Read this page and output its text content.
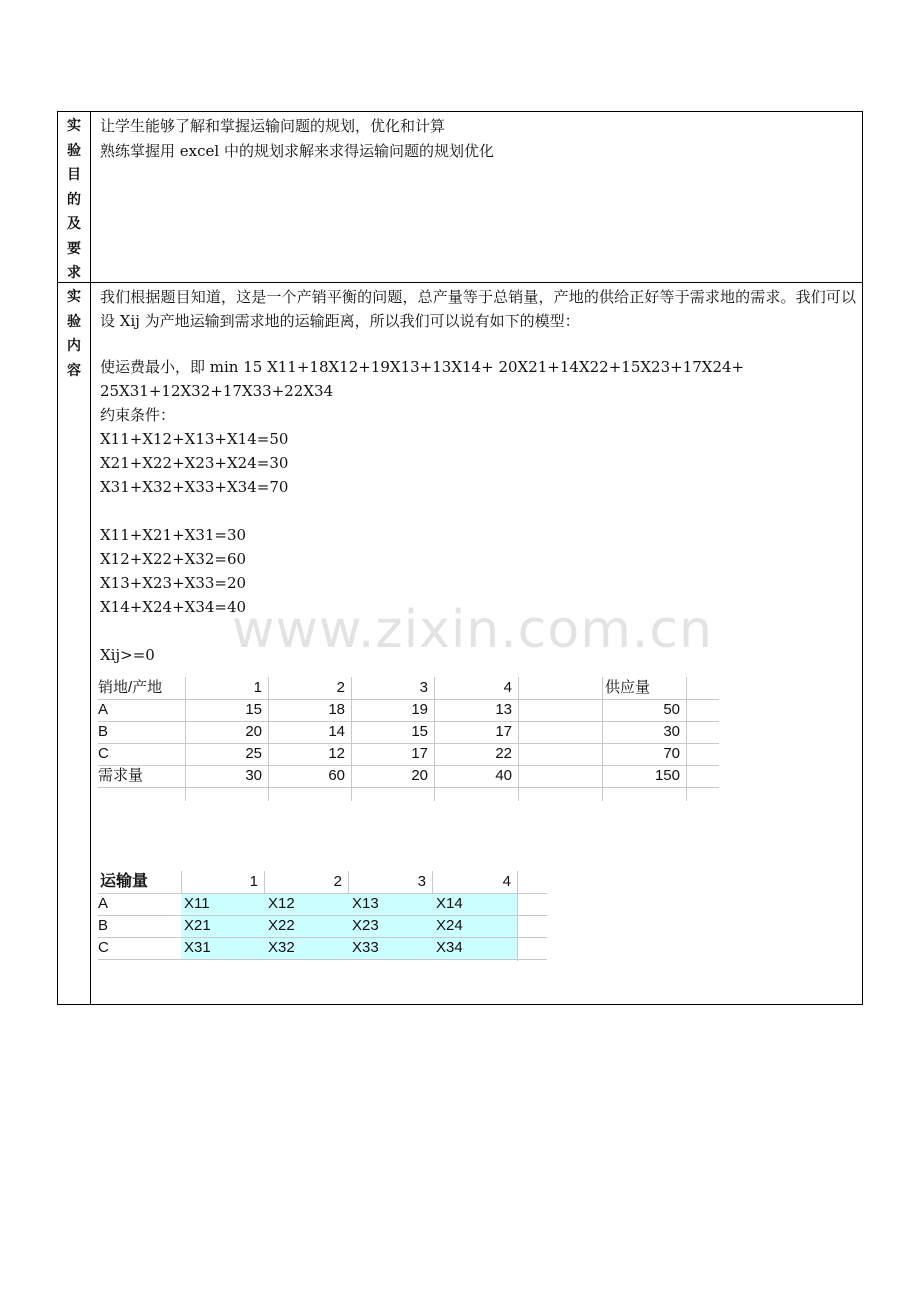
实
验
目
的
及
要
求
让学生能够了解和掌握运输问题的规划，优化和计算
熟练掌握用 excel 中的规划求解来求得运输问题的规划优化
实
验
内
容
我们根据题目知道，这是一个产销平衡的问题，总产量等于总销量，产地的供给正好等于需求地的需求。我们可以设 Xij 为产地运输到需求地的运输距离，所以我们可以说有如下的模型：
使运费最小，即 min 15 X11+18X12+19X13+13X14+ 20X21+14X22+15X23+17X24+
25X31+12X32+17X33+22X34
约束条件：
X11+X12+X13+X14=50
X21+X22+X23+X24=30
X31+X32+X33+X34=70
X11+X21+X31=30
X12+X22+X32=60
X13+X23+X33=20
X14+X24+X34=40
Xij>=0
销地/产地	1	2	3	4	供应量
A	15	18	19	13	50
B	20	14	15	17	30
C	25	12	17	22	70
需求量	30	60	20	40	150
运输量	1	2	3	4
A	X11	X12	X13	X14
B	X21	X22	X23	X24
C	X31	X32	X33	X34
www.zixin.com.cn
